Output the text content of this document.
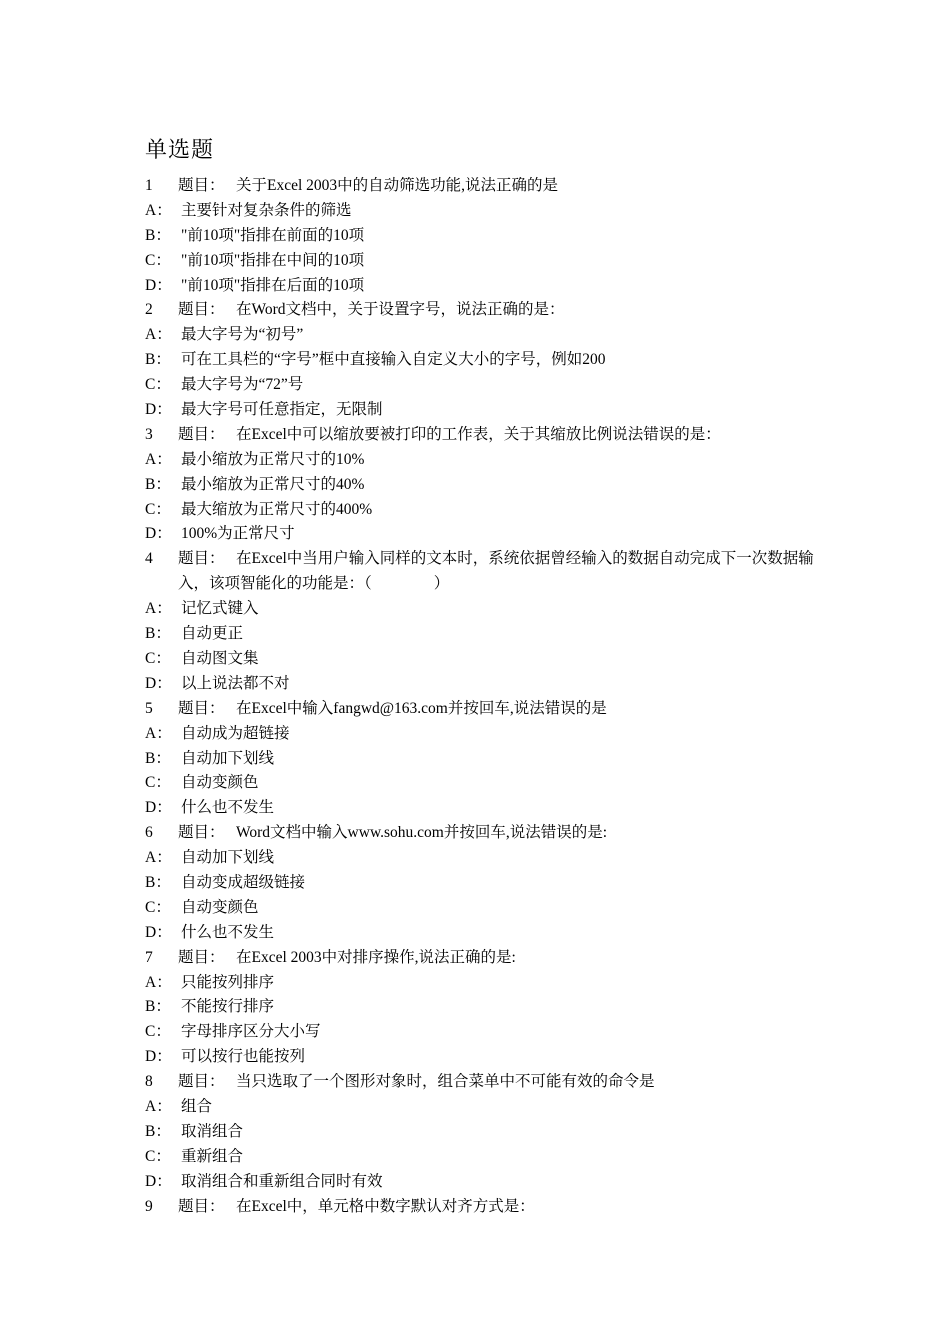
单选题
1	题目： 关于Excel 2003中的自动筛选功能,说法正确的是
A： 主要针对复杂条件的筛选
B： "前10项"指排在前面的10项
C： "前10项"指排在中间的10项
D： "前10项"指排在后面的10项
2	题目： 在Word文档中，关于设置字号，说法正确的是：
A： 最大字号为“初号”
B： 可在工具栏的“字号”框中直接输入自定义大小的字号，例如200
C： 最大字号为“72”号
D： 最大字号可任意指定，无限制
3	题目： 在Excel中可以缩放要被打印的工作表，关于其缩放比例说法错误的是：
A： 最小缩放为正常尺寸的10%
B： 最小缩放为正常尺寸的40%
C： 最大缩放为正常尺寸的400%
D： 100%为正常尺寸
4	题目： 在Excel中当用户输入同样的文本时，系统依据曾经输入的数据自动完成下一次数据输入，该项智能化的功能是：（　　　　）
A： 记忆式键入
B： 自动更正
C： 自动图文集
D： 以上说法都不对
5	题目： 在Excel中输入fangwd@163.com并按回车,说法错误的是
A： 自动成为超链接
B： 自动加下划线
C： 自动变颜色
D： 什么也不发生
6	题目： Word文档中输入www.sohu.com并按回车,说法错误的是:
A： 自动加下划线
B： 自动变成超级链接
C： 自动变颜色
D： 什么也不发生
7	题目： 在Excel 2003中对排序操作,说法正确的是:
A： 只能按列排序
B： 不能按行排序
C： 字母排序区分大小写
D： 可以按行也能按列
8	题目： 当只选取了一个图形对象时，组合菜单中不可能有效的命令是
A： 组合
B： 取消组合
C： 重新组合
D： 取消组合和重新组合同时有效
9	题目： 在Excel中，单元格中数字默认对齐方式是：
